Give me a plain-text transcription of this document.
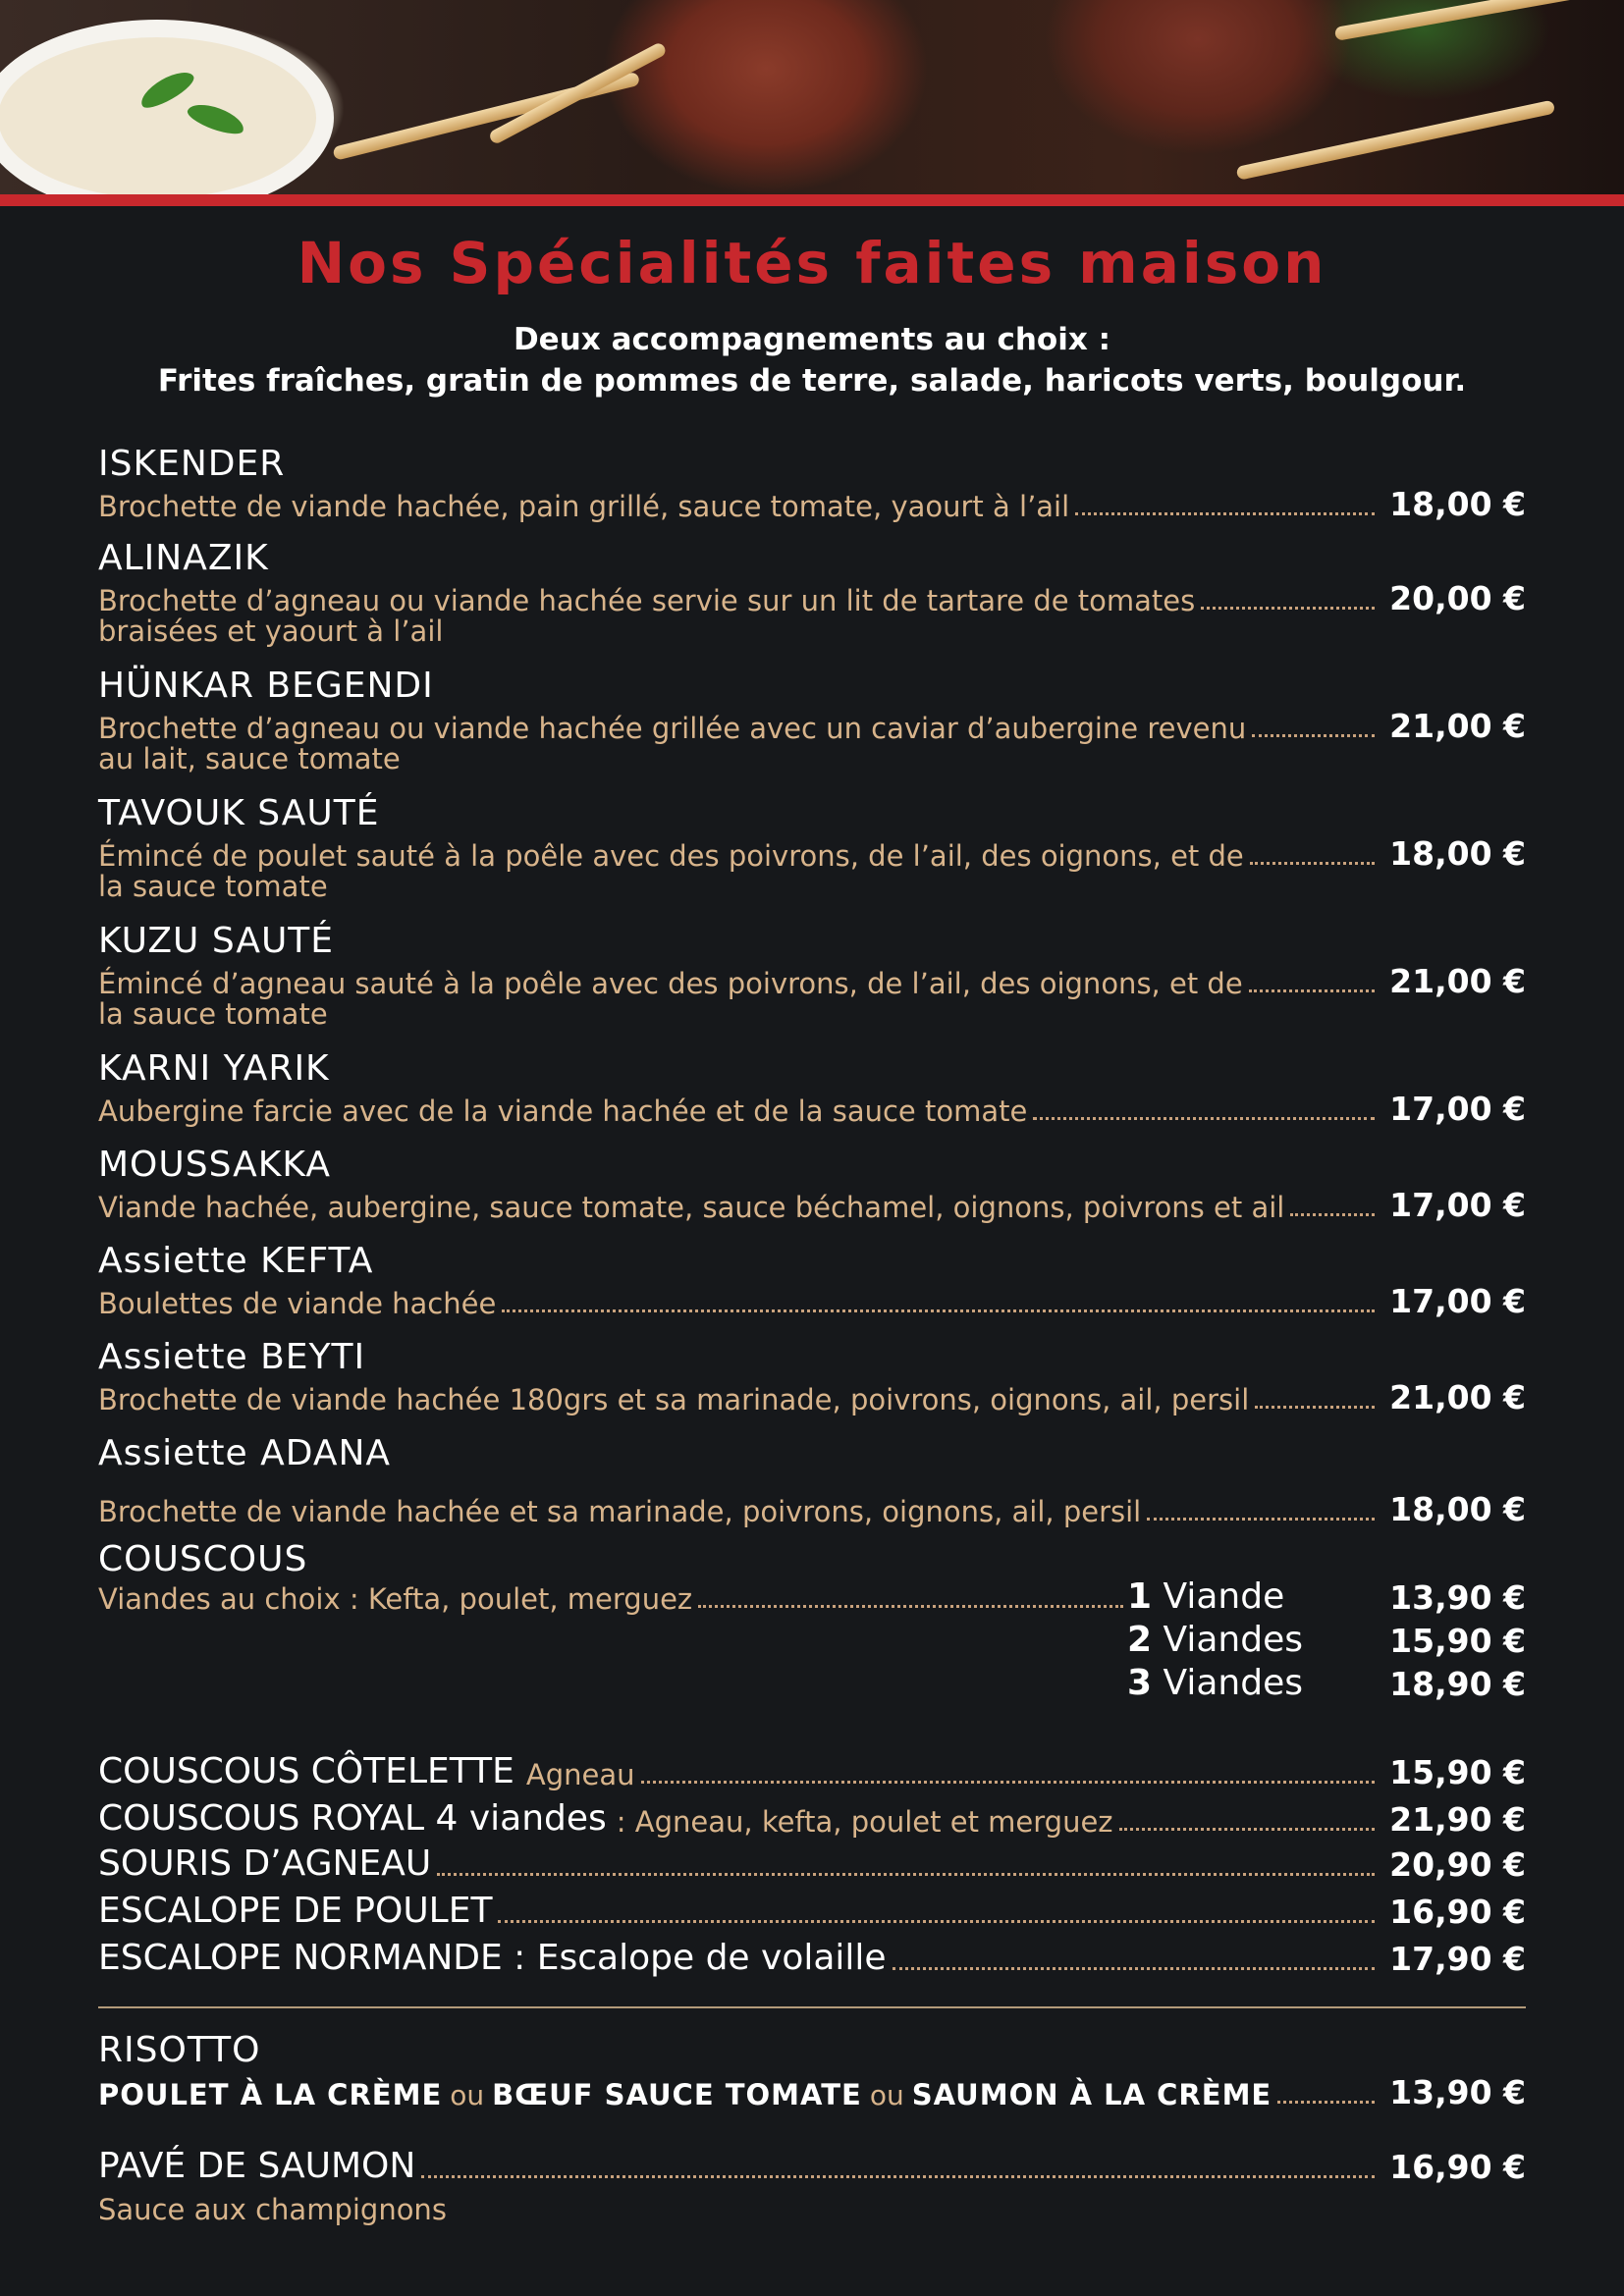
Nos Spécialités faites maison
Deux accompagnements au choix :
Frites fraîches, gratin de pommes de terre, salade, haricots verts, boulgour.
ISKENDER
Brochette de viande hachée, pain grillé, sauce tomate, yaourt à l’ail	18,00 €
ALINAZIK
Brochette d’agneau ou viande hachée servie sur un lit de tartare de tomates	20,00 €
braisées et yaourt à l’ail
HÜNKAR BEGENDI
Brochette d’agneau ou viande hachée grillée avec un caviar d’aubergine revenu	21,00 €
au lait, sauce tomate
TAVOUK SAUTÉ
Émincé de poulet sauté à la poêle avec des poivrons, de l’ail, des oignons, et de	18,00 €
la sauce tomate
KUZU SAUTÉ
Émincé d’agneau sauté à la poêle avec des poivrons, de l’ail, des oignons, et de	21,00 €
la sauce tomate
KARNI YARIK
Aubergine farcie avec de la viande hachée et de la sauce tomate	17,00 €
MOUSSAKKA
Viande hachée, aubergine, sauce tomate, sauce béchamel, oignons, poivrons et ail	17,00 €
Assiette KEFTA
Boulettes de viande hachée	17,00 €
Assiette BEYTI
Brochette de viande hachée 180grs et sa marinade, poivrons, oignons, ail, persil	21,00 €
Assiette ADANA
Brochette de viande hachée et sa marinade, poivrons, oignons, ail, persil	18,00 €
COUSCOUS
Viandes au choix : Kefta, poulet, merguez	1 Viande	13,90 €
2 Viandes	15,90 €
3 Viandes	18,90 €
COUSCOUS CÔTELETTE Agneau	15,90 €
COUSCOUS ROYAL 4 viandes : Agneau, kefta, poulet et merguez	21,90 €
SOURIS D’AGNEAU	20,90 €
ESCALOPE DE POULET	16,90 €
ESCALOPE NORMANDE : Escalope de volaille	17,90 €
RISOTTO
POULET À LA CRÈME ou BŒUF SAUCE TOMATE ou SAUMON À LA CRÈME	13,90 €
PAVÉ DE SAUMON	16,90 €
Sauce aux champignons
